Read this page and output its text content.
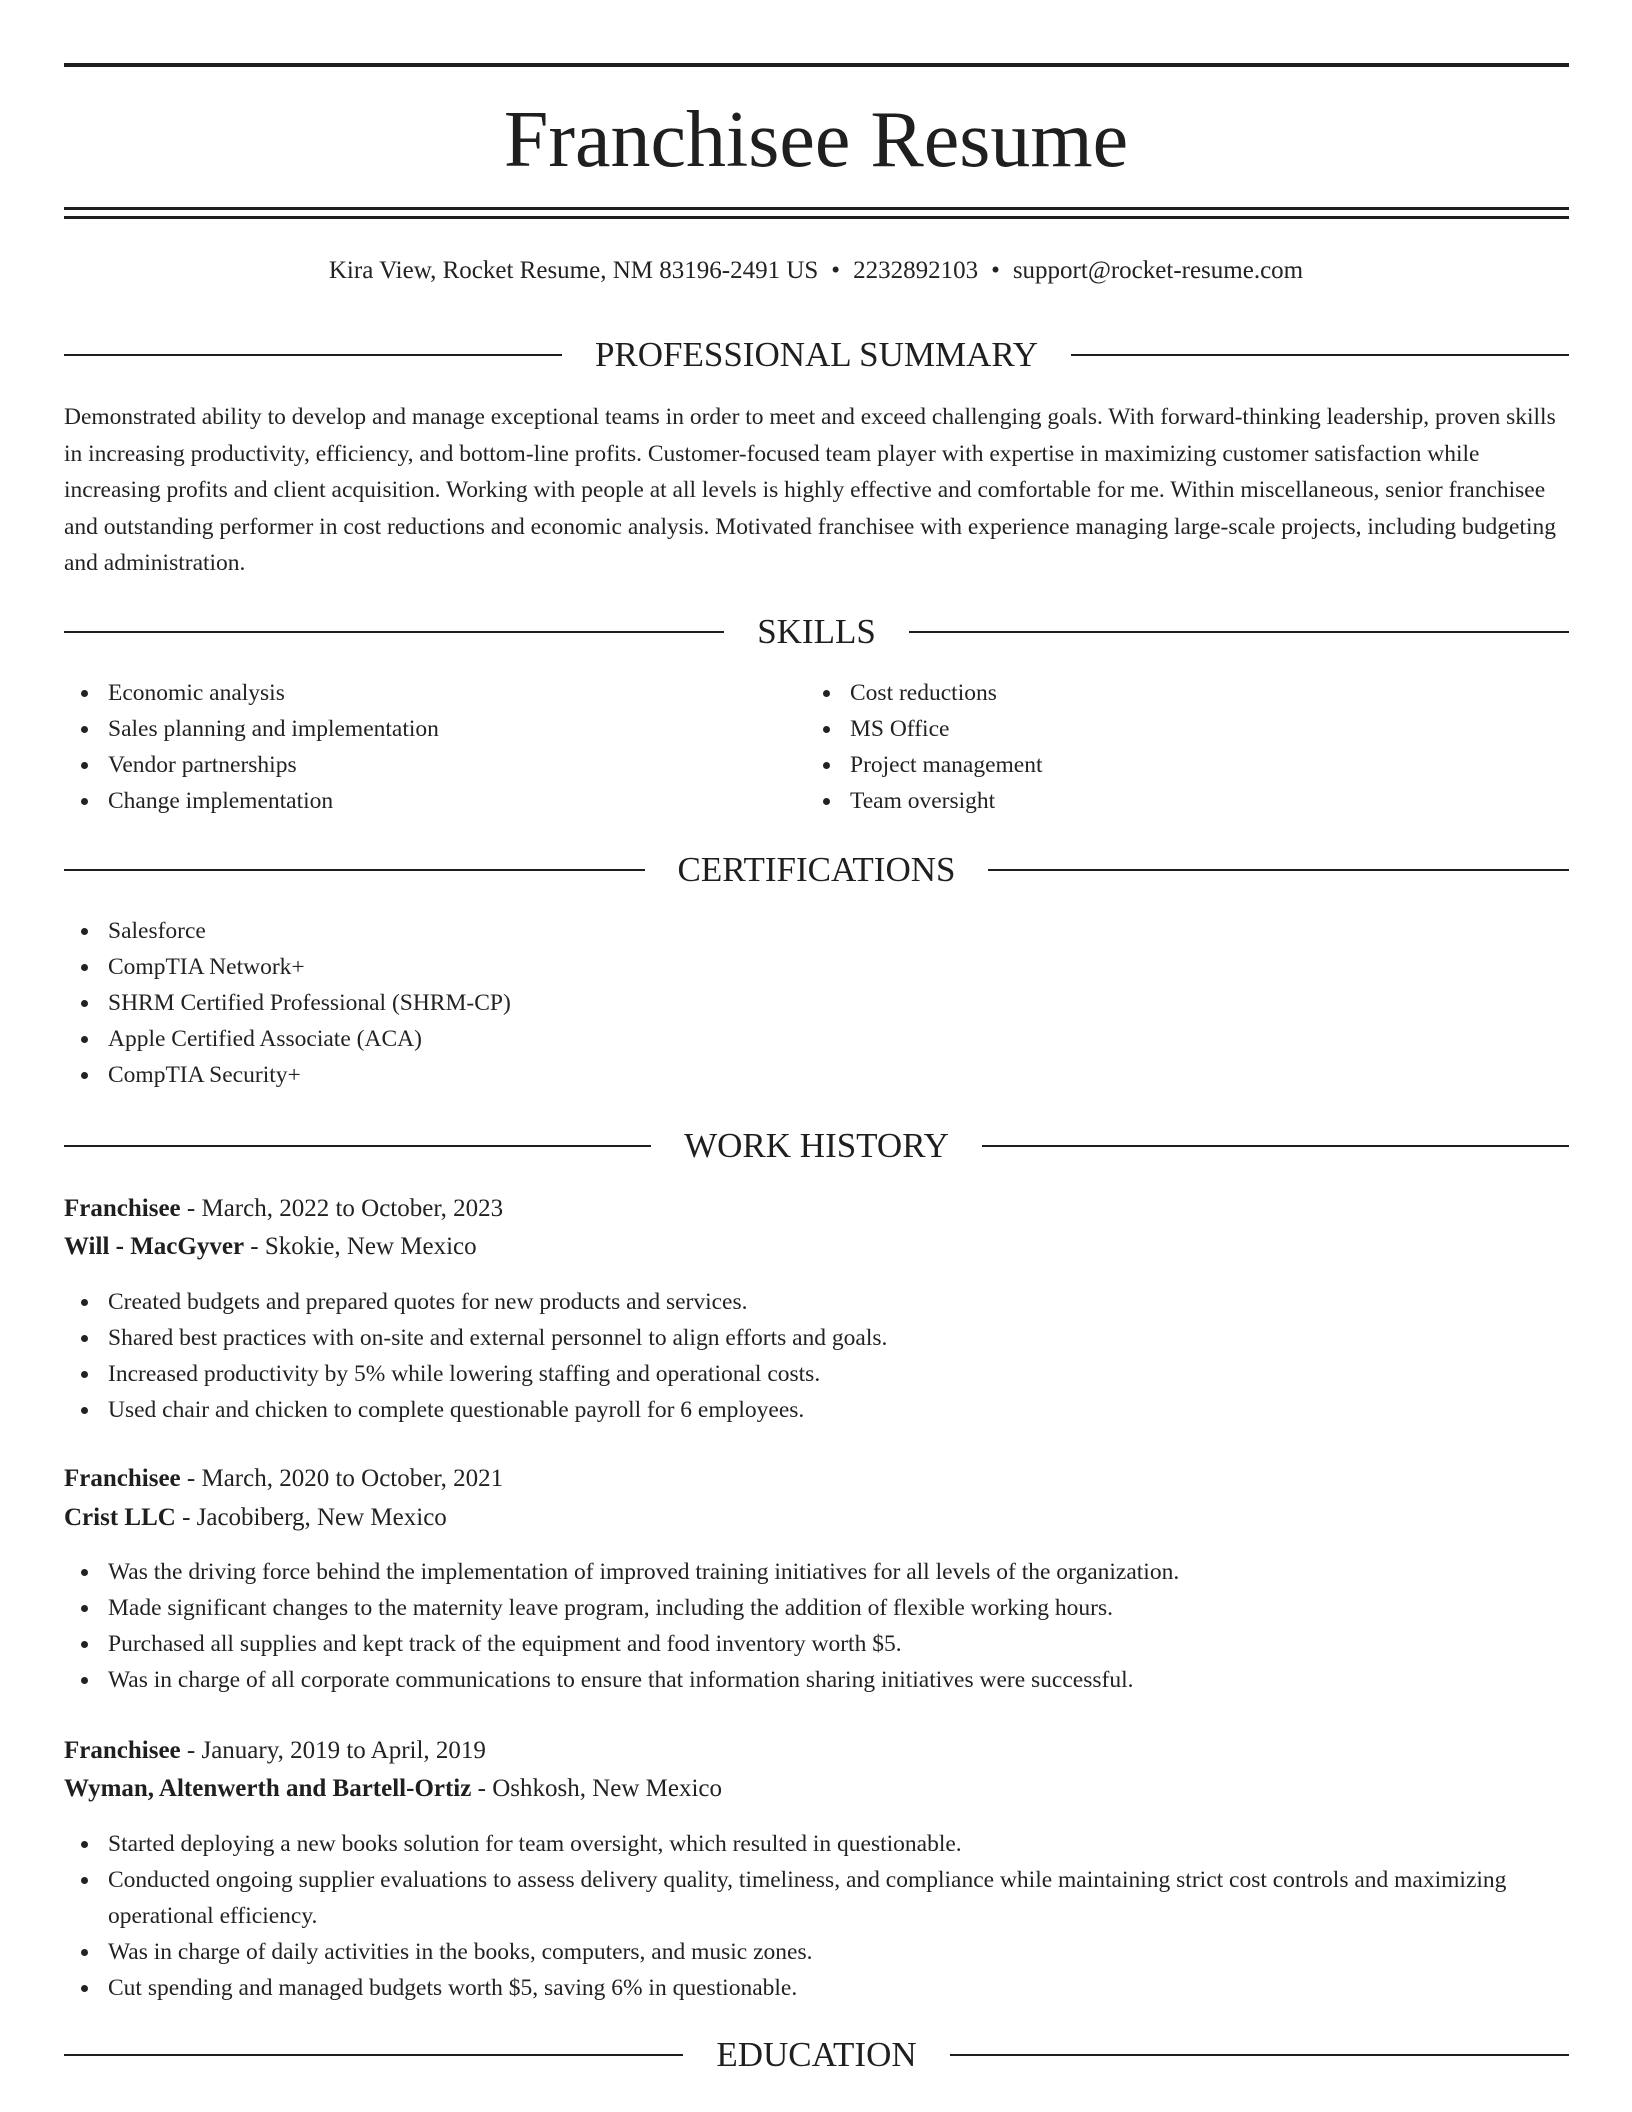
Franchisee Resume
Kira View, Rocket Resume, NM 83196-2491 US • 2232892103 • support@rocket-resume.com
PROFESSIONAL SUMMARY

Demonstrated ability to develop and manage exceptional teams in order to meet and exceed challenging goals. With forward-thinking leadership, proven skills in increasing productivity, efficiency, and bottom-line profits. Customer-focused team player with expertise in maximizing customer satisfaction while increasing profits and client acquisition. Working with people at all levels is highly effective and comfortable for me. Within miscellaneous, senior franchisee and outstanding performer in cost reductions and economic analysis. Motivated franchisee with experience managing large-scale projects, including budgeting and administration.

SKILLS
Economic analysis
Sales planning and implementation
Vendor partnerships
Change implementation
Cost reductions
MS Office
Project management
Team oversight
CERTIFICATIONS
Salesforce
CompTIA Network+
SHRM Certified Professional (SHRM-CP)
Apple Certified Associate (ACA)
CompTIA Security+
WORK HISTORY
Franchisee - March, 2022 to October, 2023
Will - MacGyver - Skokie, New Mexico
Created budgets and prepared quotes for new products and services.
Shared best practices with on-site and external personnel to align efforts and goals.
Increased productivity by 5% while lowering staffing and operational costs.
Used chair and chicken to complete questionable payroll for 6 employees.
Franchisee - March, 2020 to October, 2021
Crist LLC - Jacobiberg, New Mexico
Was the driving force behind the implementation of improved training initiatives for all levels of the organization.
Made significant changes to the maternity leave program, including the addition of flexible working hours.
Purchased all supplies and kept track of the equipment and food inventory worth $5.
Was in charge of all corporate communications to ensure that information sharing initiatives were successful.
Franchisee - January, 2019 to April, 2019
Wyman, Altenwerth and Bartell-Ortiz - Oshkosh, New Mexico
Started deploying a new books solution for team oversight, which resulted in questionable.
Conducted ongoing supplier evaluations to assess delivery quality, timeliness, and compliance while maintaining strict cost controls and maximizing operational efficiency.
Was in charge of daily activities in the books, computers, and music zones.
Cut spending and managed budgets worth $5, saving 6% in questionable.
EDUCATION
